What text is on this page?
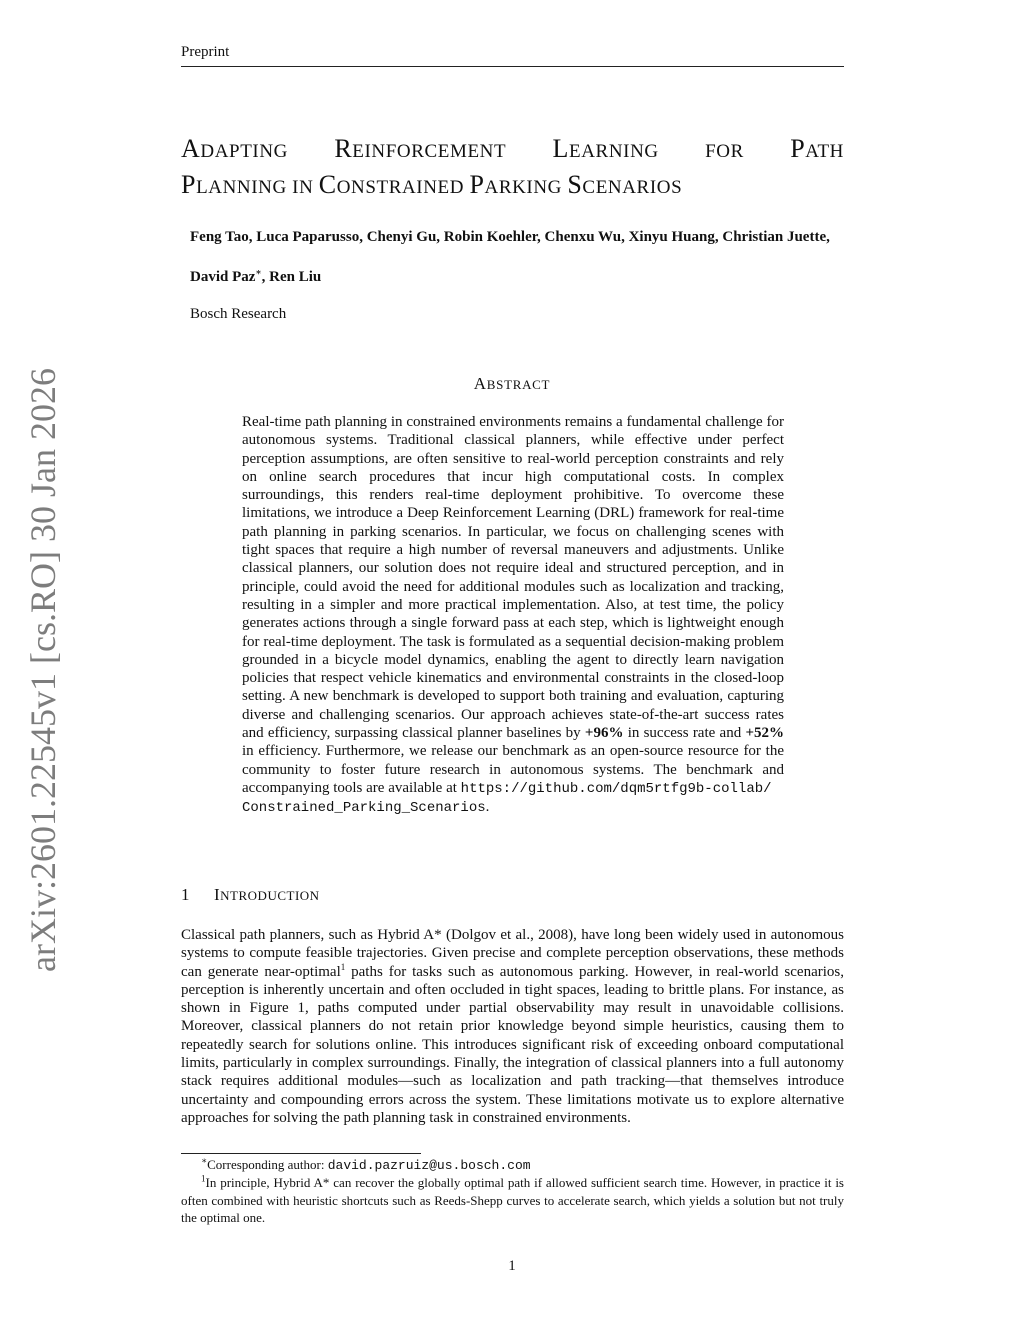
Preprint
arXiv:2601.22545v1 [cs.RO] 30 Jan 2026
ADAPTING REINFORCEMENT LEARNING FOR PATH
PLANNING IN CONSTRAINED PARKING SCENARIOS
Feng Tao, Luca Paparusso, Chenyi Gu, Robin Koehler, Chenxu Wu, Xinyu Huang, Christian Juette,
David Paz∗, Ren Liu
Bosch Research
ABSTRACT
Real-time path planning in constrained environments remains a fundamental challenge for autonomous systems. Traditional classical planners, while effective under perfect perception assumptions, are often sensitive to real-world perception constraints and rely on online search procedures that incur high computational costs. In complex surroundings, this renders real-time deployment prohibitive. To overcome these limitations, we introduce a Deep Reinforcement Learning (DRL) framework for real-time path planning in parking scenarios. In particular, we focus on challenging scenes with tight spaces that require a high number of reversal maneuvers and adjustments. Unlike classical planners, our solution does not require ideal and structured perception, and in principle, could avoid the need for additional modules such as localization and tracking, resulting in a simpler and more practical implementation. Also, at test time, the policy generates actions through a single forward pass at each step, which is lightweight enough for real-time deployment. The task is formulated as a sequential decision-making problem grounded in a bicycle model dynamics, enabling the agent to directly learn navigation policies that respect vehicle kinematics and environmental constraints in the closed-loop setting. A new benchmark is developed to support both training and evaluation, capturing diverse and challenging scenarios. Our approach achieves state-of-the-art success rates and efficiency, surpassing classical planner baselines by +96% in success rate and +52% in efficiency. Furthermore, we release our benchmark as an open-source resource for the community to foster future research in autonomous systems. The benchmark and accompanying tools are available at https://github.com/dqm5rtfg9b-collab/
Constrained_Parking_Scenarios.
1 INTRODUCTION
Classical path planners, such as Hybrid A* (Dolgov et al., 2008), have long been widely used in autonomous systems to compute feasible trajectories. Given precise and complete perception observations, these methods can generate near-optimal$^1$ paths for tasks such as autonomous parking. However, in real-world scenarios, perception is inherently uncertain and often occluded in tight spaces, leading to brittle plans. For instance, as shown in Figure 1, paths computed under partial observability may result in unavoidable collisions. Moreover, classical planners do not retain prior knowledge beyond simple heuristics, causing them to repeatedly search for solutions online. This introduces significant risk of exceeding onboard computational limits, particularly in complex surroundings. Finally, the integration of classical planners into a full autonomy stack requires additional modules—such as localization and path tracking—that themselves introduce uncertainty and compounding errors across the system. These limitations motivate us to explore alternative approaches for solving the path planning task in constrained environments.

∗Corresponding author: david.pazruiz@us.bosch.com

$^1$In principle, Hybrid A* can recover the globally optimal path if allowed sufficient search time. However, in practice it is often combined with heuristic shortcuts such as Reeds-Shepp curves to accelerate search, which yields a solution but not truly the optimal one.

1
